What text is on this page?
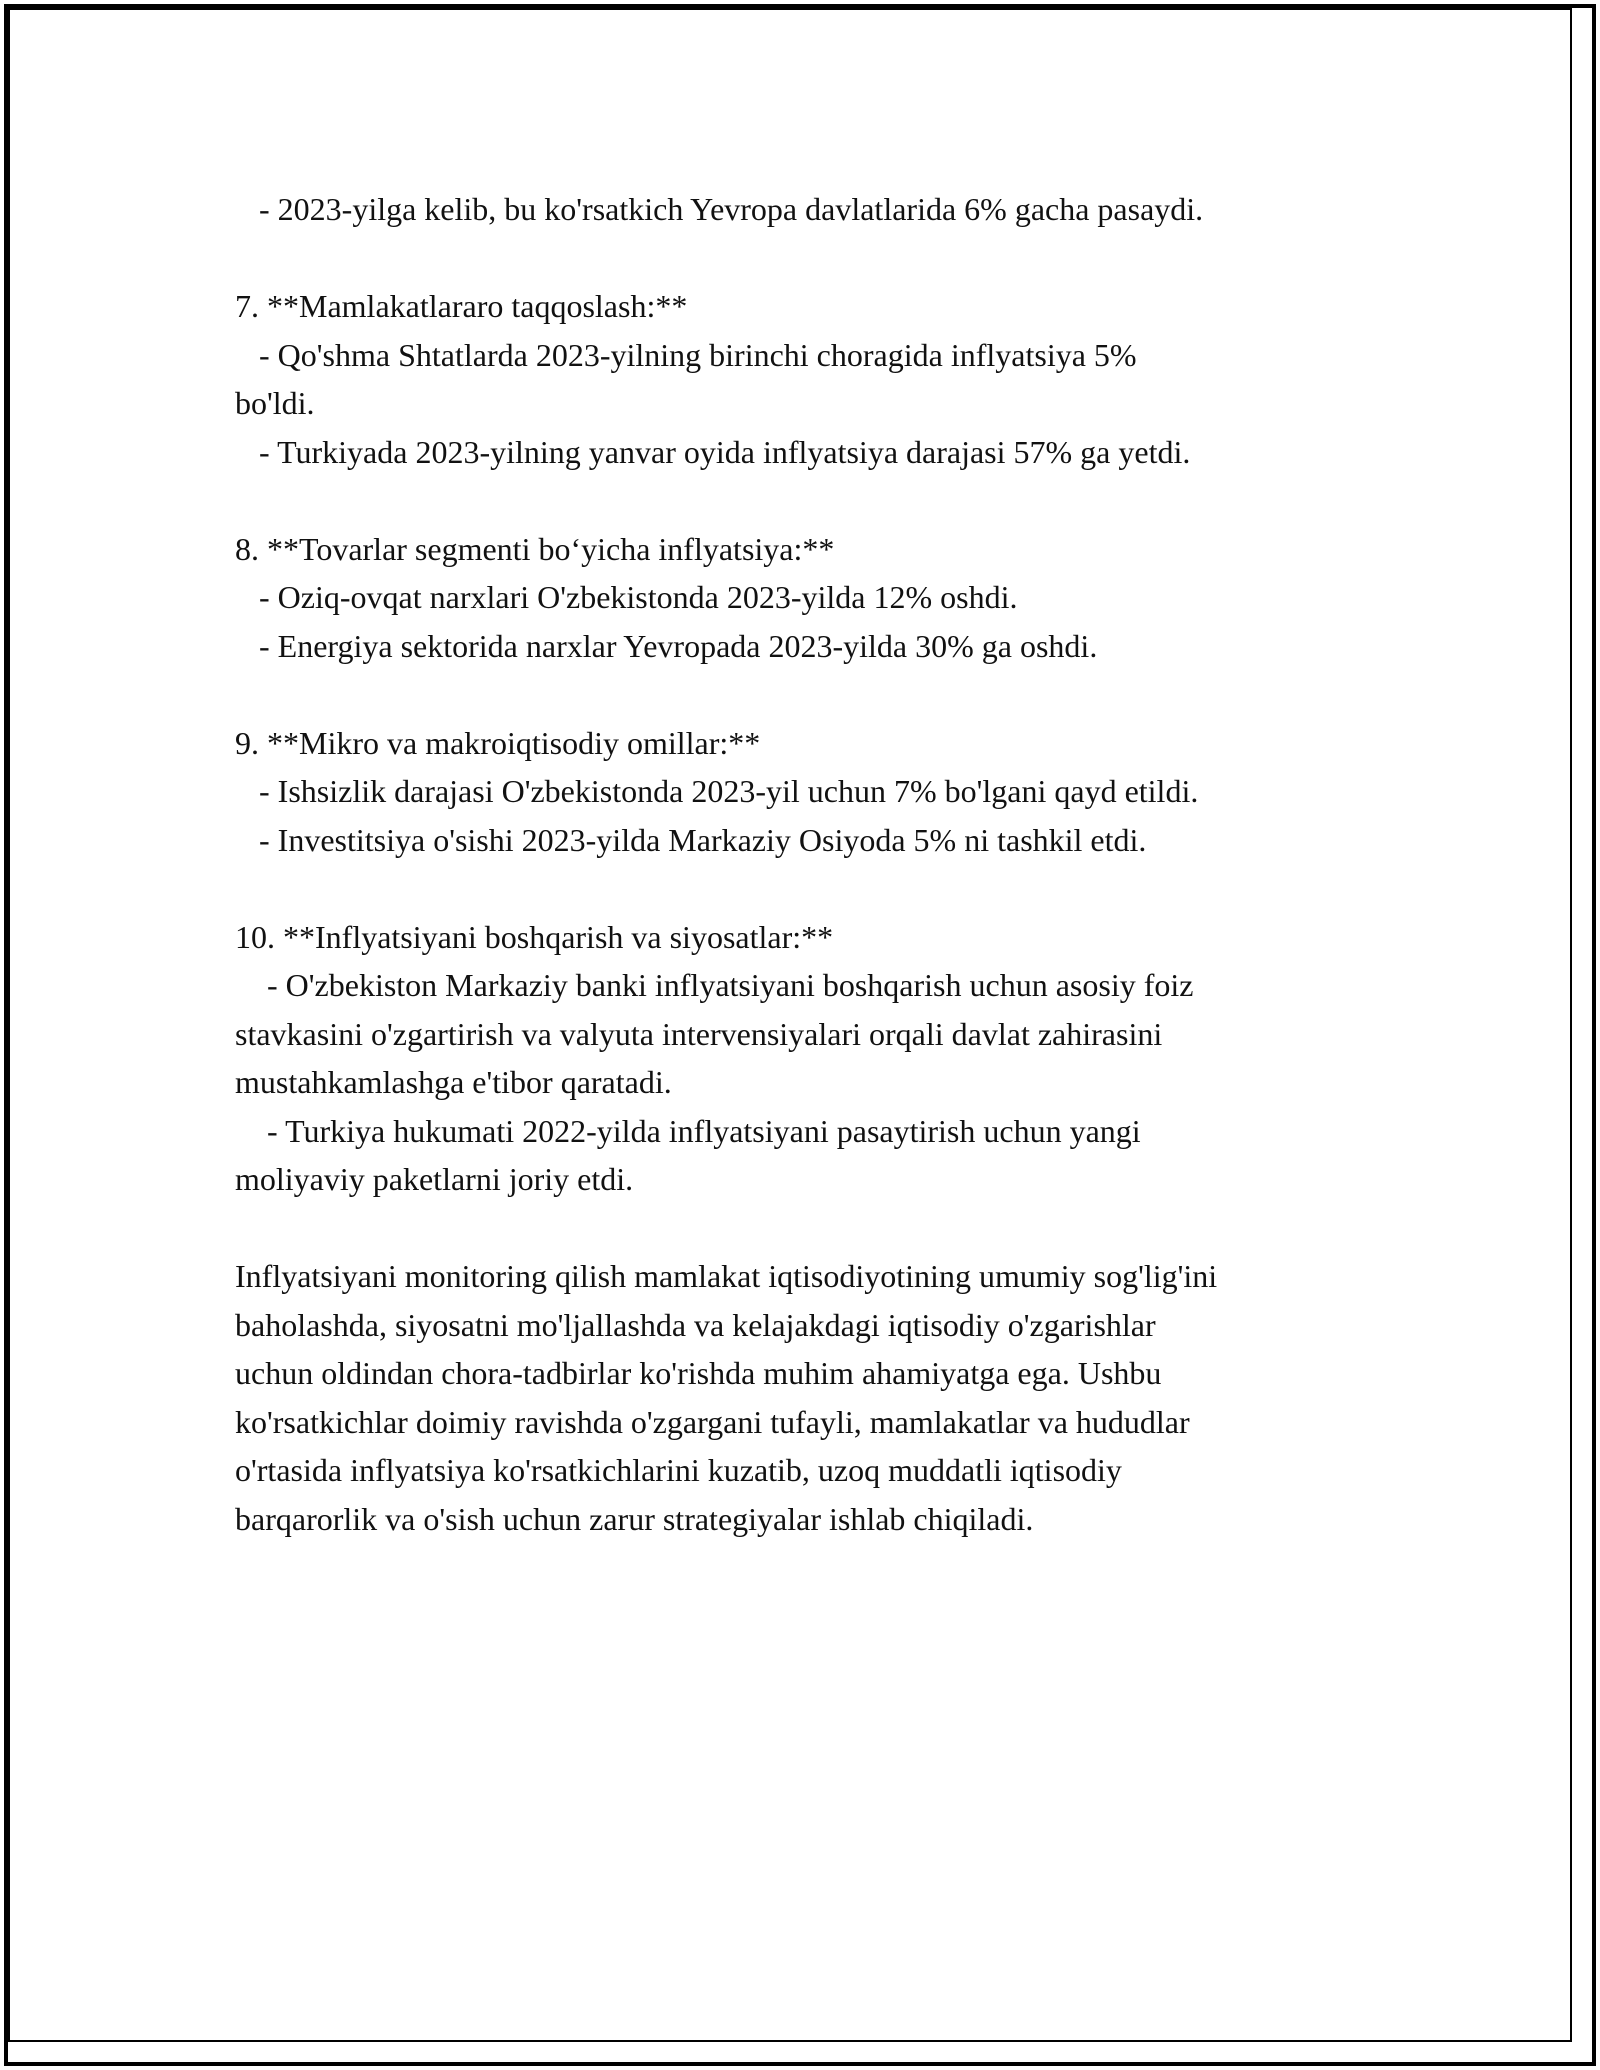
- 2023-yilga kelib, bu ko'rsatkich Yevropa davlatlarida 6% gacha pasaydi.
7. **Mamlakatlararo taqqoslash:**
- Qo'shma Shtatlarda 2023-yilning birinchi choragida inflyatsiya 5%
bo'ldi.
- Turkiyada 2023-yilning yanvar oyida inflyatsiya darajasi 57% ga yetdi.
8. **Tovarlar segmenti bo‘yicha inflyatsiya:**
- Oziq-ovqat narxlari O'zbekistonda 2023-yilda 12% oshdi.
- Energiya sektorida narxlar Yevropada 2023-yilda 30% ga oshdi.
9. **Mikro va makroiqtisodiy omillar:**
- Ishsizlik darajasi O'zbekistonda 2023-yil uchun 7% bo'lgani qayd etildi.
- Investitsiya o'sishi 2023-yilda Markaziy Osiyoda 5% ni tashkil etdi.
10. **Inflyatsiyani boshqarish va siyosatlar:**
- O'zbekiston Markaziy banki inflyatsiyani boshqarish uchun asosiy foiz
stavkasini o'zgartirish va valyuta intervensiyalari orqali davlat zahirasini
mustahkamlashga e'tibor qaratadi.
- Turkiya hukumati 2022-yilda inflyatsiyani pasaytirish uchun yangi
moliyaviy paketlarni joriy etdi.
Inflyatsiyani monitoring qilish mamlakat iqtisodiyotining umumiy sog'lig'ini
baholashda, siyosatni mo'ljallashda va kelajakdagi iqtisodiy o'zgarishlar
uchun oldindan chora-tadbirlar ko'rishda muhim ahamiyatga ega. Ushbu
ko'rsatkichlar doimiy ravishda o'zgargani tufayli, mamlakatlar va hududlar
o'rtasida inflyatsiya ko'rsatkichlarini kuzatib, uzoq muddatli iqtisodiy
barqarorlik va o'sish uchun zarur strategiyalar ishlab chiqiladi.
